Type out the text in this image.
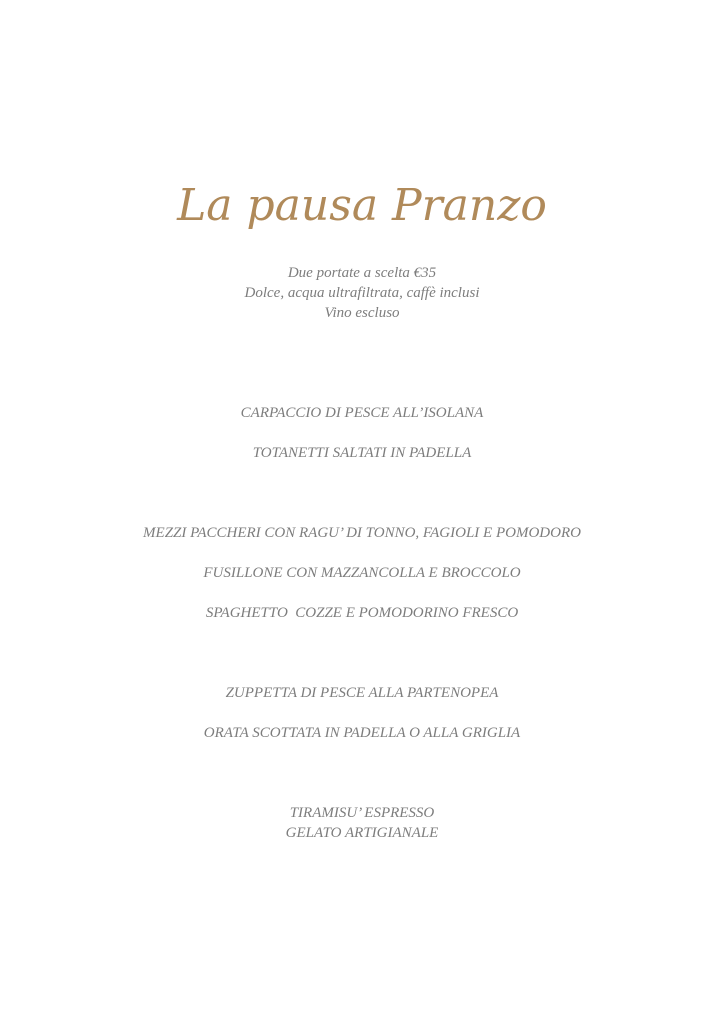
La pausa Pranzo
Due portate a scelta €35
Dolce, acqua ultrafiltrata, caffè inclusi
Vino escluso
CARPACCIO DI PESCE ALL’ISOLANA
TOTANETTI SALTATI IN PADELLA
MEZZI PACCHERI CON RAGU’ DI TONNO, FAGIOLI E POMODORO
FUSILLONE CON MAZZANCOLLA E BROCCOLO
SPAGHETTO  COZZE E POMODORINO FRESCO
ZUPPETTA DI PESCE ALLA PARTENOPEA
ORATA SCOTTATA IN PADELLA O ALLA GRIGLIA
TIRAMISU’ ESPRESSO
GELATO ARTIGIANALE
